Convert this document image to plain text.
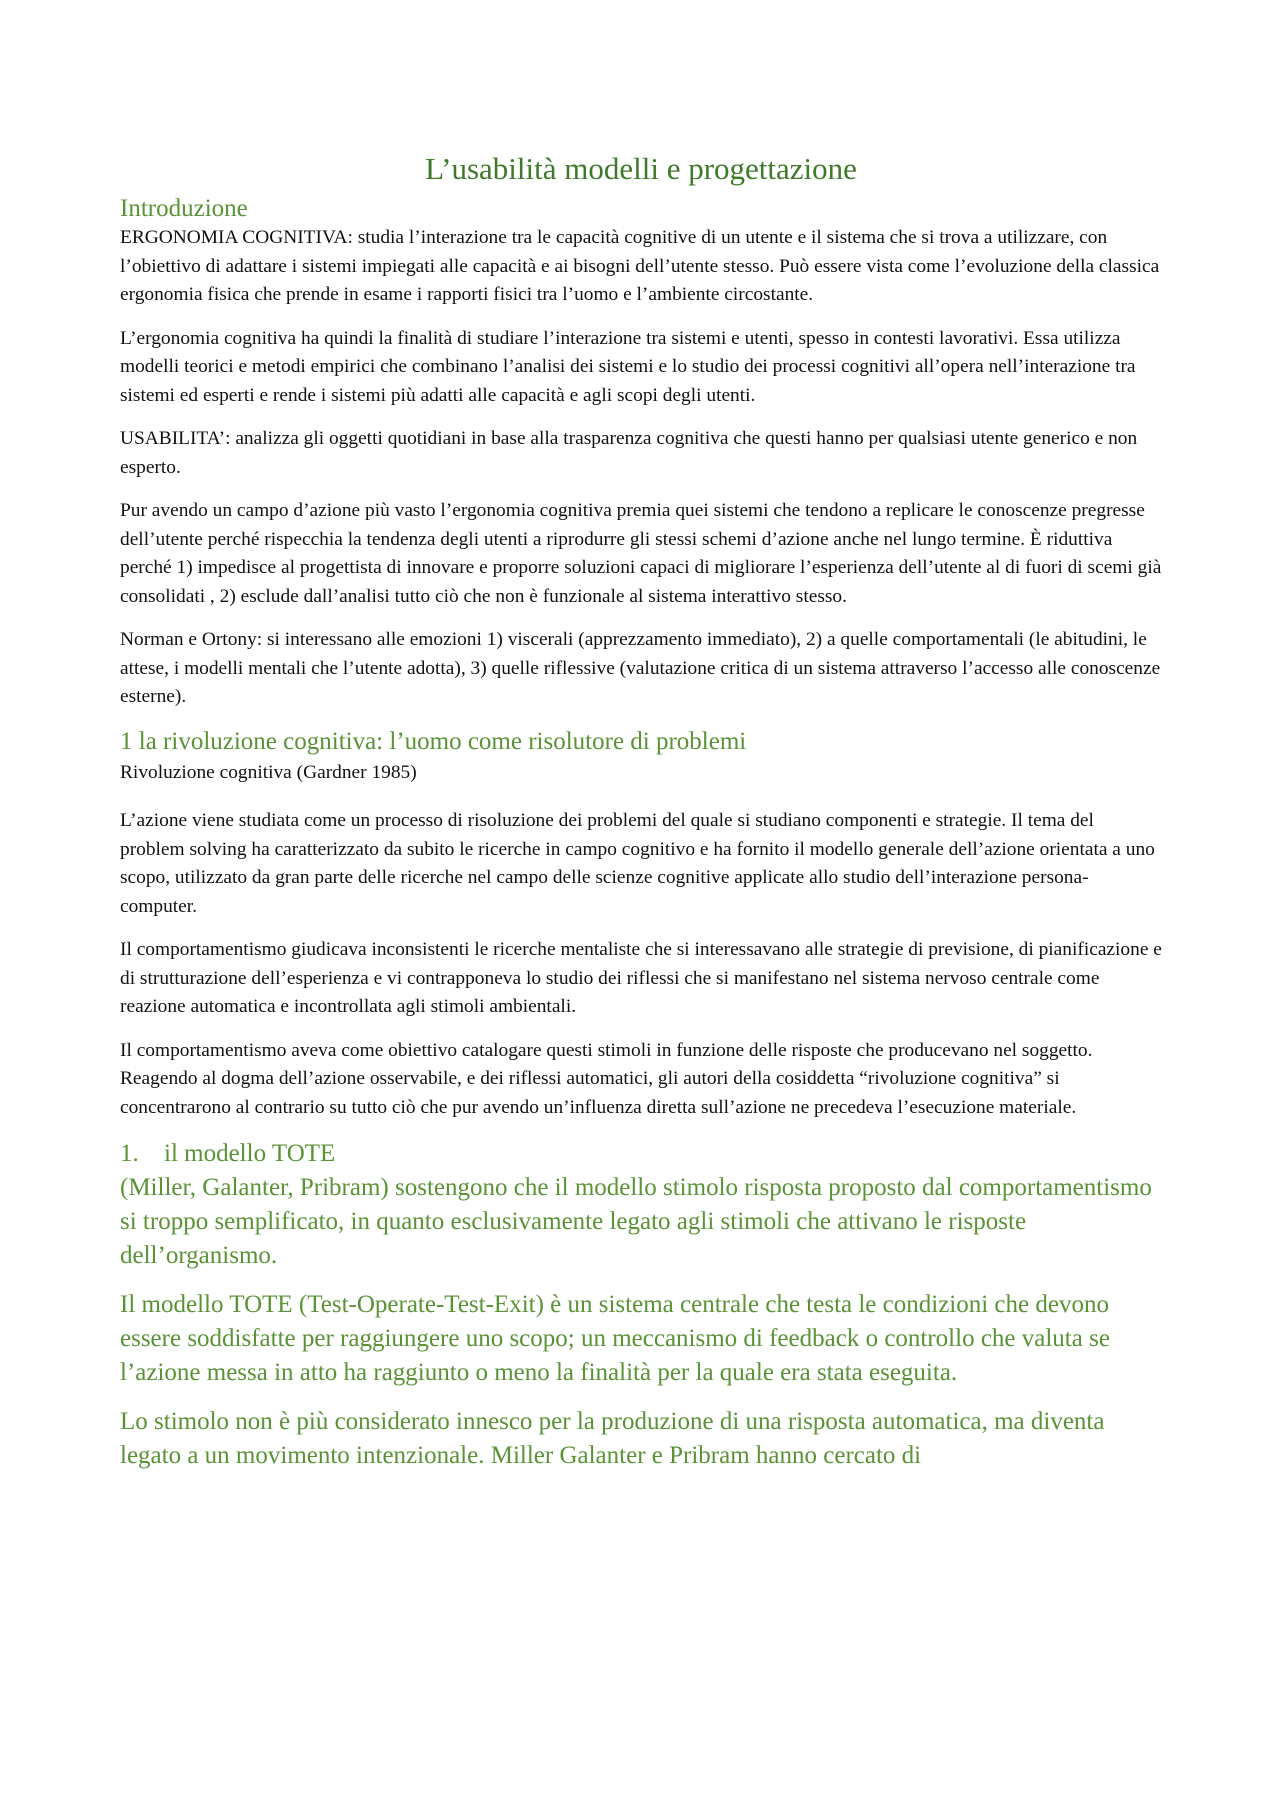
L’usabilità modelli e progettazione
Introduzione

ERGONOMIA COGNITIVA: studia l’interazione tra le capacità cognitive di un utente e il sistema che si trova a utilizzare, con l’obiettivo di adattare i sistemi impiegati alle capacità e ai bisogni dell’utente stesso. Può essere vista come l’evoluzione della classica ergonomia fisica che prende in esame i rapporti fisici tra l’uomo e l’ambiente circostante.

L’ergonomia cognitiva ha quindi la finalità di studiare l’interazione tra sistemi e utenti, spesso in contesti lavorativi. Essa utilizza modelli teorici e metodi empirici che combinano l’analisi dei sistemi e lo studio dei processi cognitivi all’opera nell’interazione tra sistemi ed esperti e rende i sistemi più adatti alle capacità e agli scopi degli utenti.

USABILITA’: analizza gli oggetti quotidiani in base alla trasparenza cognitiva che questi hanno per qualsiasi utente generico e non esperto.

Pur avendo un campo d’azione più vasto l’ergonomia cognitiva premia quei sistemi che tendono a replicare le conoscenze pregresse dell’utente perché rispecchia la tendenza degli utenti a riprodurre gli stessi schemi d’azione anche nel lungo termine. È riduttiva perché 1) impedisce al progettista di innovare e proporre soluzioni capaci di migliorare l’esperienza dell’utente al di fuori di scemi già consolidati , 2) esclude dall’analisi tutto ciò che non è funzionale al sistema interattivo stesso.

Norman e Ortony: si interessano alle emozioni 1) viscerali (apprezzamento immediato), 2) a quelle comportamentali (le abitudini, le attese, i modelli mentali che l’utente adotta), 3) quelle riflessive (valutazione critica di un sistema attraverso l’accesso alle conoscenze esterne).

1 la rivoluzione cognitiva: l’uomo come risolutore di problemi

Rivoluzione cognitiva (Gardner 1985)

L’azione viene studiata come un processo di risoluzione dei problemi del quale si studiano componenti e strategie. Il tema del problem solving ha caratterizzato da subito le ricerche in campo cognitivo e ha fornito il modello generale dell’azione orientata a uno scopo, utilizzato da gran parte delle ricerche nel campo delle scienze cognitive applicate allo studio dell’interazione persona-computer.

Il comportamentismo giudicava inconsistenti le ricerche mentaliste che si interessavano alle strategie di previsione, di pianificazione e di strutturazione dell’esperienza e vi contrapponeva lo studio dei riflessi che si manifestano nel sistema nervoso centrale come reazione automatica e incontrollata agli stimoli ambientali.

Il comportamentismo aveva come obiettivo catalogare questi stimoli in funzione delle risposte che producevano nel soggetto. Reagendo al dogma dell’azione osservabile, e dei riflessi automatici, gli autori della cosiddetta “rivoluzione cognitiva” si concentrarono al contrario su tutto ciò che pur avendo un’influenza diretta sull’azione ne precedeva l’esecuzione materiale.

1. il modello TOTE

(Miller, Galanter, Pribram) sostengono che il modello stimolo risposta proposto dal comportamentismo si troppo semplificato, in quanto esclusivamente legato agli stimoli che attivano le risposte dell’organismo.

Il modello TOTE (Test-Operate-Test-Exit) è un sistema centrale che testa le condizioni che devono essere soddisfatte per raggiungere uno scopo; un meccanismo di feedback o controllo che valuta se l’azione messa in atto ha raggiunto o meno la finalità per la quale era stata eseguita.

Lo stimolo non è più considerato innesco per la produzione di una risposta automatica, ma diventa legato a un movimento intenzionale. Miller Galanter e Pribram hanno cercato di
